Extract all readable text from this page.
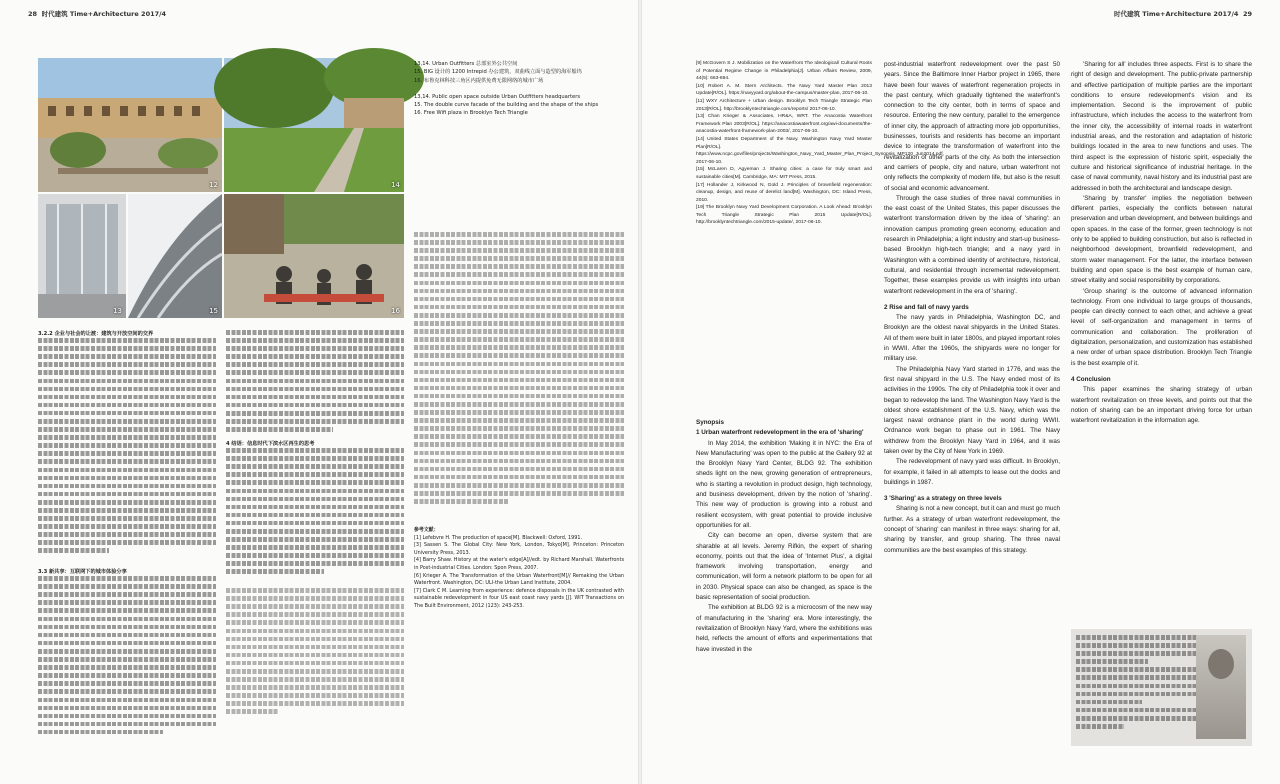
28 时代建筑 Time+Architecture 2017/4	时代建筑 Time+Architecture 2017/4 29
12	14
13	15	16
13,14. Urban Outfitters 总部室外公共空间
15. BIG 设计的 1200 Intrepid 办公建筑，双曲线立面与造型的海军船坞
16. 布鲁克林科技三角区内提供免费无限网络的城市广场
13,14. Public open space outside Urban Outfitters headquarters
15. The double curve facade of the building and the shape of the ships
16. Free Wifi plaza in Brooklyn Tech Triangle

3.2.2 企业与社会的让渡：建筑与开放空间的交界

3.3 新共享：互联网下的城市体验分享

4 结语：信息时代下滨水区再生的思考

参考文献：

[1] Lefebvre H. The production of space[M]. Blackwell: Oxford, 1991.

[3] Sassen S. The Global City: New York, London, Tokyo[M]. Princeton: Princeton University Press, 2013.

[4] Barry Shaw. History at the water's edge[A]//edt. by Richard Marshall. Waterfronts in Post-industrial Cities. London: Spon Press, 2007.

[6] Krieger A. The Transformation of the Urban Waterfront[M]// Remaking the Urban Waterfront. Washington, DC: ULI-the Urban Land Institute, 2004.

[7] Clark C M. Learning from experience: defence disposals in the UK contrasted with sustainable redevelopment in four US east coast navy yards [J]. WIT Transactions on The Built Environment, 2012 (123): 243-253.

[9] McGovern S J. Mobilization on the Waterfront The Ideological/ Cultural Roots of Potential Regime Change in Philadelphia[J]. Urban Affairs Review, 2009, 44(5): 663-694.

[10] Robert A. M. Stern Architects. The Navy Yard Master Plan 2013 Update[R/OL]. https://navyyard.org/about-the-campus/master-plan, 2017-06-10.

[11] WXY Architecture + urban design. Brooklyn Tech Triangle Strategic Plan 2013[R/OL]. http://brooklyntechtriangle.com/reports/ 2017-06-10.

[13] Chan Krieger & Associates, HR&A, WRT. The Anacostia Waterfront Framework Plan 2003[R/OL]. https://anacostiawaterfront.org/awi-documents/the-anacostia-waterfront-framework-plan-2003/, 2017-06-10.

[14] United States Department of the Navy. Washington Navy Yard Master Plan[R/OL]. https://www.ncpc.gov/files/projects/Washington_Navy_Yard_Master_Plan_Project_Synopsis_MP120_Jun2014.pdf, 2017-06-10.

[15] McLaren D, Agyeman J. Sharing cities: a case for truly smart and sustainable cities[M]. Cambridge, MA: MIT Press, 2015.

[17] Hollander J, Kirkwood N, Gold J. Principles of brownfield regeneration: cleanup, design, and reuse of derelict land[M]. Washington, DC: Island Press, 2010.

[19] The Brooklyn Navy Yard Development Corporation. A Look Ahead: Brooklyn Tech Triangle Strategic Plan 2015 Update[R/OL]. http://brooklyntechtriangle.com/2015-update/, 2017-06-10.

Synopsis

1 Urban waterfront redevelopment in the era of 'sharing'

In May 2014, the exhibition 'Making it in NYC: the Era of New Manufacturing' was open to the public at the Gallery 92 at the Brooklyn Navy Yard Center, BLDG 92. The exhibition sheds light on the new, growing generation of entrepreneurs, who is starting a revolution in product design, high technology, and business development, driven by the notion of 'sharing'. This new way of production is growing into a robust and resilient ecosystem, with great potential to provide inclusive opportunities for all.

City can become an open, diverse system that are sharable at all levels. Jeremy Rifkin, the expert of sharing economy, points out that the idea of 'Internet Plus', a digital framework involving transportation, energy and communication, will form a network platform to be open for all in 2030. Physical space can also be changed, as space is the basic representation of social production.

The exhibition at BLDG 92 is a microcosm of the new way of manufacturing in the 'sharing' era. More interestingly, the revitalization of Brooklyn Navy Yard, where the exhibitions was held, reflects the amount of efforts and experimentations that have invested in the

post-industrial waterfront redevelopment over the past 50 years. Since the Baltimore Inner Harbor project in 1965, there have been four waves of waterfront regeneration projects in the past century, which gradually tightened the waterfront's connection to the city center, both in terms of space and resource. Entering the new century, parallel to the emergence of inner city, the approach of attracting more job opportunities, businesses, tourists and residents has become an important device to integrate the transformation of waterfront into the revitalization of other parts of the city. As both the intersection and carriers of people, city and nature, urban waterfront not only reflects the complexity of modern life, but also is the result of social and economic advancement.

Through the case studies of three naval communities in the east coast of the United States, this paper discusses the waterfront transformation driven by the idea of 'sharing': an innovation campus promoting green economy, education and research in Philadelphia; a light industry and start-up business-based Brooklyn high-tech triangle; and a navy yard in Washington with a combined identity of architecture, historical, cultural, and residential through incremental redevelopment. Together, these examples provide us with insights into urban waterfront redevelopment in the era of 'sharing'.

2 Rise and fall of navy yards

The navy yards in Philadelphia, Washington DC, and Brooklyn are the oldest naval shipyards in the United States. All of them were built in later 1800s, and played important roles in WWII. After the 1960s, the shipyards were no longer for military use.

The Philadelphia Navy Yard started in 1776, and was the first naval shipyard in the U.S. The Navy ended most of its activities in the 1990s. The city of Philadelphia took it over and began to redevelop the land. The Washington Navy Yard is the oldest shore establishment of the U.S. Navy, which was the largest naval ordnance plant in the world during WWII. Ordnance work began to phase out in 1961. The Navy withdrew from the Brooklyn Navy Yard in 1964, and it was taken over by the City of New York in 1969.

The redevelopment of navy yard was difficult. In Brooklyn, for example, it failed in all attempts to lease out the docks and buildings in 1987.

3 'Sharing' as a strategy on three levels

Sharing is not a new concept, but it can and must go much further. As a strategy of urban waterfront redevelopment, the concept of 'sharing' can manifest in three ways: sharing for all, sharing by transfer, and group sharing. The three naval communities are the best examples of this strategy.

'Sharing for all' includes three aspects. First is to share the right of design and development. The public-private partnership and effective participation of multiple parties are the important conditions to ensure redevelopment's vision and its implementation. Second is the improvement of public infrastructure, which includes the access to the waterfront from the inner city, the accessibility of internal roads in waterfront industrial areas, and the restoration and adaptation of historic buildings located in the area to new functions and uses. The third aspect is the expression of historic spirit, especially the culture and historical significance of industrial heritage. In the case of naval community, naval history and its industrial past are addressed in both the architectural and landscape design.

'Sharing by transfer' implies the negotiation between different parties, especially the conflicts between natural preservation and urban development, and between buildings and open spaces. In the case of the former, green technology is not only to be applied to building construction, but also is reflected in neighborhood development, brownfield redevelopment, and storm water management. For the latter, the interface between building and open space is the best example of human care, street vitality and social responsibility by corporations.

'Group sharing' is the outcome of advanced information technology. From one individual to large groups of thousands, people can directly connect to each other, and achieve a great level of self-organization and management in terms of communication and collaboration. The proliferation of digitalization, personalization, and customization has established a new order of urban space distribution. Brooklyn Tech Triangle is the best example of it.

4 Conclusion

This paper examines the sharing strategy of urban waterfront revitalization on three levels, and points out that the notion of sharing can be an important driving force for urban waterfront revitalization in the information age.
